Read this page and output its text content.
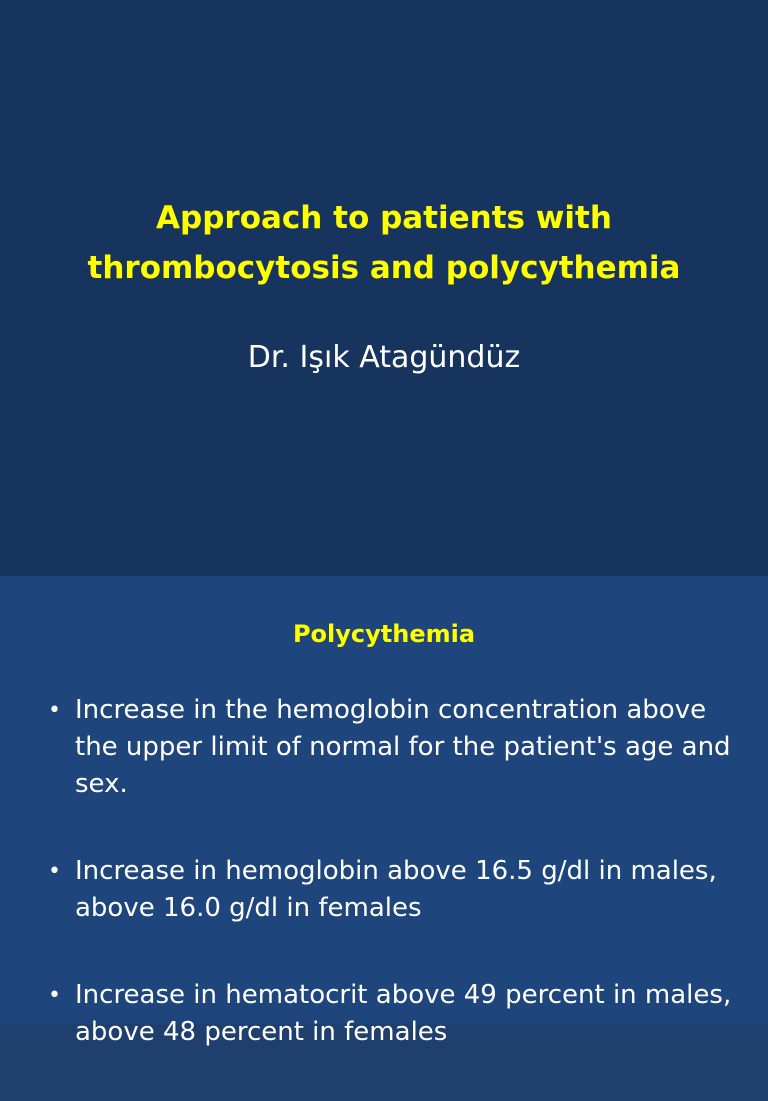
Approach to patients with
thrombocytosis and polycythemia
Dr. Işık Atagündüz
Polycythemia
• Increase in the hemoglobin concentration above the upper limit of normal for the patient's age and sex.
• Increase in hemoglobin above 16.5 g/dl in males, above 16.0 g/dl in females
• Increase in hematocrit above 49 percent in males, above 48 percent in females
